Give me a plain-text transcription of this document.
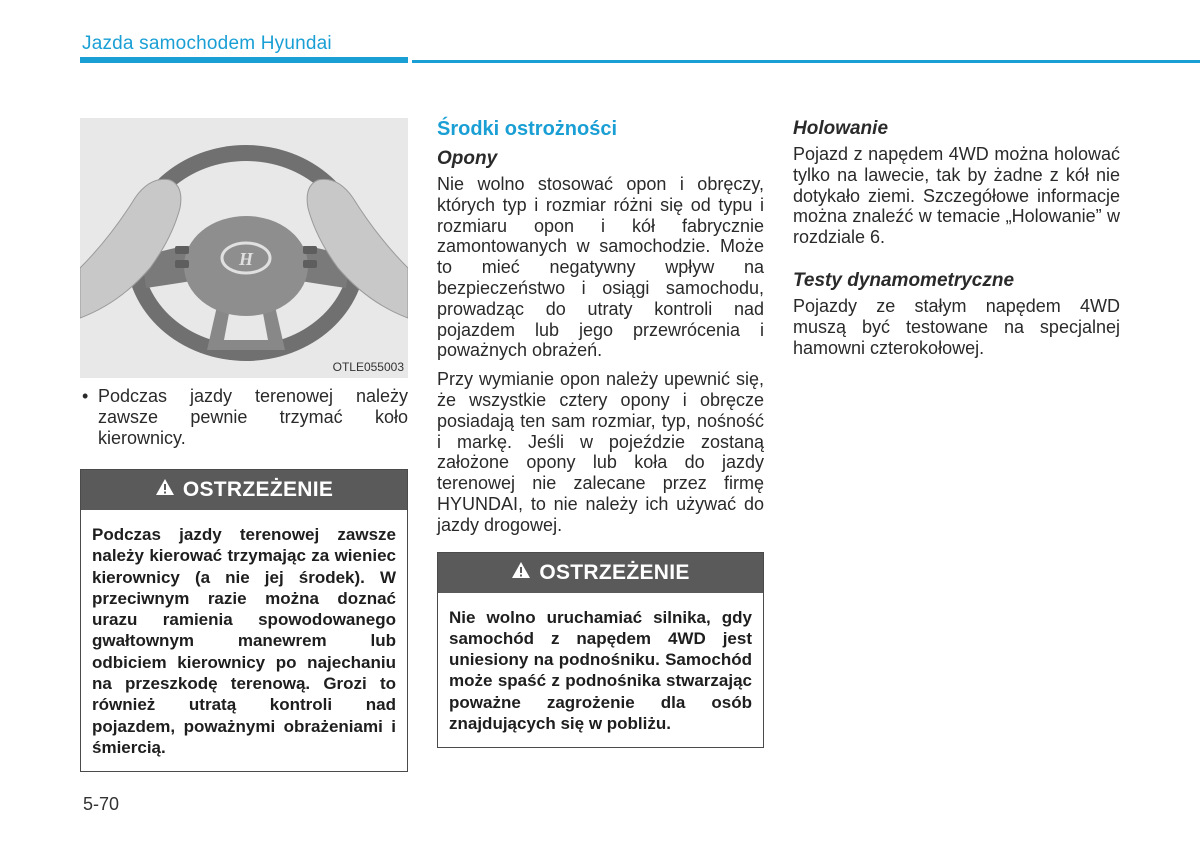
Jazda samochodem Hyundai
H
OTLE055003
• Podczas jazdy terenowej należy zawsze pewnie trzymać koło kierownicy.
OSTRZEŻENIE
Podczas jazdy terenowej zawsze należy kierować trzymając za wieniec kierownicy (a nie jej środek). W przeciwnym razie można doznać urazu ramienia spowodowanego gwałtownym manewrem lub odbiciem kierownicy po najechaniu na przeszkodę terenową. Grozi to również utratą kontroli nad pojazdem, poważnymi obrażeniami i śmiercią.
Środki ostrożności
Opony

Nie wolno stosować opon i obręczy, których typ i rozmiar różni się od typu i rozmiaru opon i kół fabrycznie zamontowanych w samochodzie. Może to mieć negatywny wpływ na bezpieczeństwo i osiągi samochodu, prowadząc do utraty kontroli nad pojazdem lub jego przewrócenia i poważnych obrażeń.

Przy wymianie opon należy upewnić się, że wszystkie cztery opony i obręcze posiadają ten sam rozmiar, typ, nośność i markę. Jeśli w pojeździe zostaną założone opony lub koła do jazdy terenowej nie zalecane przez firmę HYUNDAI, to nie należy ich używać do jazdy drogowej.

OSTRZEŻENIE
Nie wolno uruchamiać silnika, gdy samochód z napędem 4WD jest uniesiony na podnośniku. Samochód może spaść z podnośnika stwarzając poważne zagrożenie dla osób znajdujących się w pobliżu.
Holowanie

Pojazd z napędem 4WD można holować tylko na lawecie, tak by żadne z kół nie dotykało ziemi. Szczegółowe informacje można znaleźć w temacie „Holowanie” w rozdziale 6.

Testy dynamometryczne

Pojazdy ze stałym napędem 4WD muszą być testowane na specjalnej hamowni czterokołowej.

5-70
